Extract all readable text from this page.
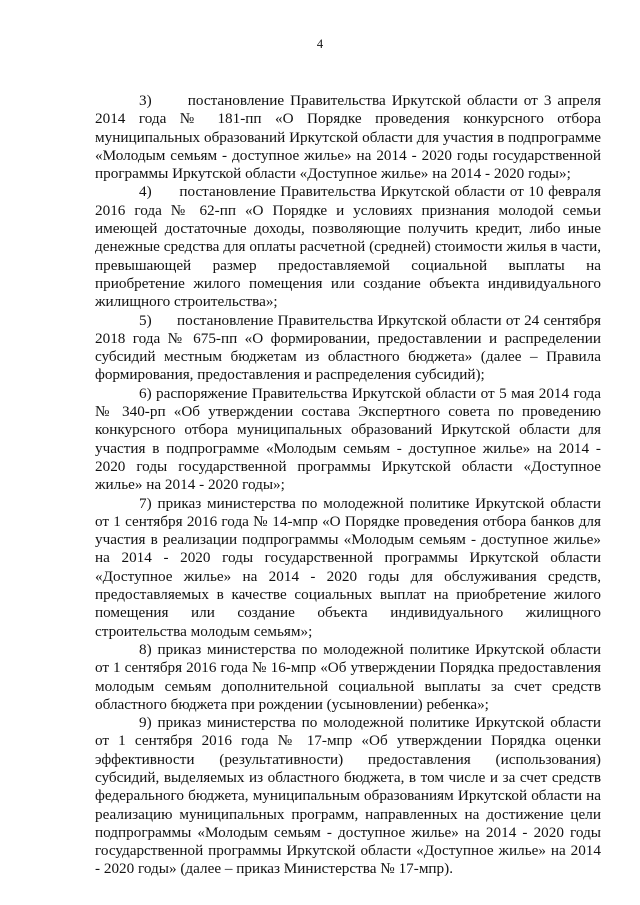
4

3)      постановление Правительства Иркутской области от 3 апреля 2014 года № 181-пп «О Порядке проведения конкурсного отбора муниципальных образований Иркутской области для участия в подпрограмме «Молодым семьям - доступное жилье» на 2014 - 2020 годы государственной программы Иркутской области «Доступное жилье» на 2014 - 2020 годы»;

4)      постановление Правительства Иркутской области от 10 февраля 2016 года № 62-пп «О Порядке и условиях признания молодой семьи имеющей достаточные доходы, позволяющие получить кредит, либо иные денежные средства для оплаты расчетной (средней) стоимости жилья в части, превышающей размер предоставляемой социальной выплаты на приобретение жилого помещения или создание объекта индивидуального жилищного строительства»;

5)      постановление Правительства Иркутской области от 24 сентября 2018 года № 675-пп «О формировании, предоставлении и распределении субсидий местным бюджетам из областного бюджета» (далее – Правила формирования, предоставления и распределения субсидий);

6) распоряжение Правительства Иркутской области от 5 мая 2014 года № 340-рп «Об утверждении состава Экспертного совета по проведению конкурсного отбора муниципальных образований Иркутской области для участия в подпрограмме «Молодым семьям - доступное жилье» на 2014 - 2020 годы государственной программы Иркутской области «Доступное жилье» на 2014 - 2020 годы»;

7) приказ министерства по молодежной политике Иркутской области от 1 сентября 2016 года № 14-мпр «О Порядке проведения отбора банков для участия в реализации подпрограммы «Молодым семьям - доступное жилье» на 2014 - 2020 годы государственной программы Иркутской области «Доступное жилье» на 2014 - 2020 годы для обслуживания средств, предоставляемых в качестве социальных выплат на приобретение жилого помещения или создание объекта индивидуального жилищного строительства молодым семьям»;

8) приказ министерства по молодежной политике Иркутской области от 1 сентября 2016 года № 16-мпр «Об утверждении Порядка предоставления молодым семьям дополнительной социальной выплаты за счет средств областного бюджета при рождении (усыновлении) ребенка»;

9) приказ министерства по молодежной политике Иркутской области от 1 сентября 2016 года № 17-мпр «Об утверждении Порядка оценки эффективности (результативности) предоставления (использования) субсидий, выделяемых из областного бюджета, в том числе и за счет средств федерального бюджета, муниципальным образованиям Иркутской области на реализацию муниципальных программ, направленных на достижение цели подпрограммы «Молодым семьям - доступное жилье» на 2014 - 2020 годы государственной программы Иркутской области «Доступное жилье» на 2014 - 2020 годы» (далее – приказ Министерства № 17-мпр).
